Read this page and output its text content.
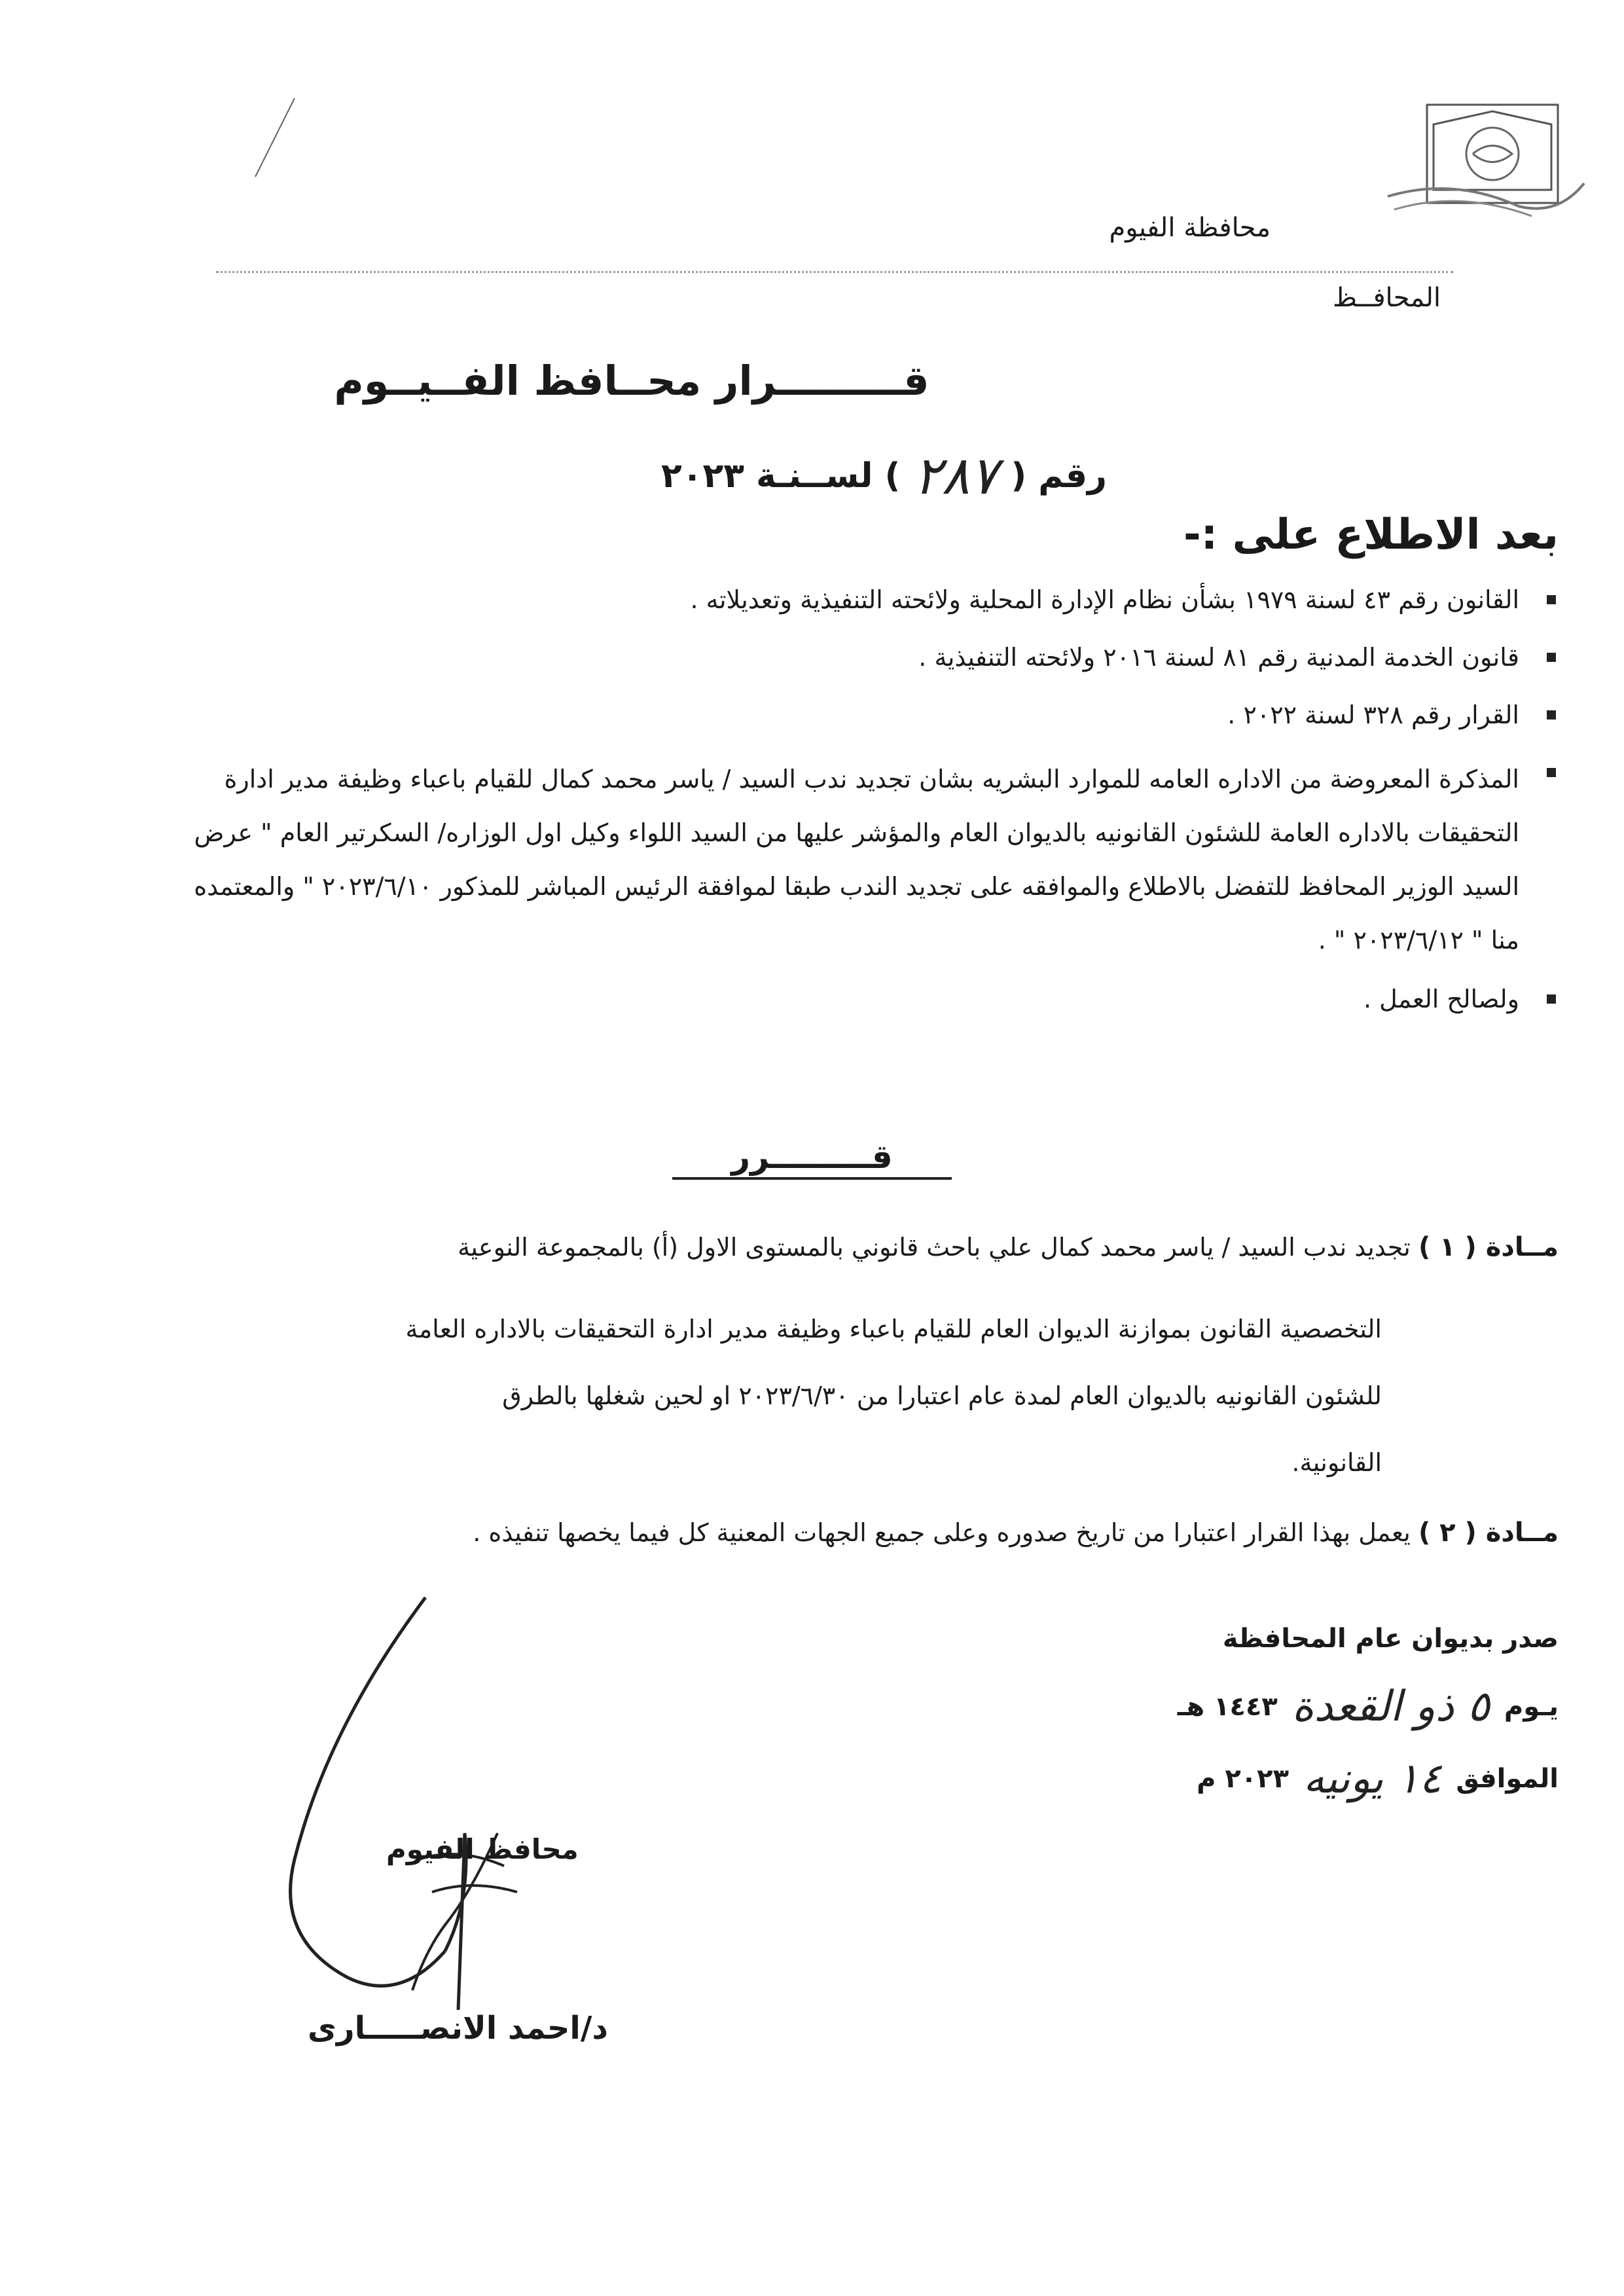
محافظة الفيوم
المحافــظ
قـــــــــرار محــافظ الفــيــوم
رقم (
٢٨٧
) لســنـة ٢٠٢٣
بعد الاطلاع على :-
القانون رقم ٤٣ لسنة ١٩٧٩ بشأن نظام الإدارة المحلية ولائحته التنفيذية وتعديلاته .
قانون الخدمة المدنية رقم ٨١ لسنة ٢٠١٦ ولائحته التنفيذية .
القرار رقم ٣٢٨ لسنة ٢٠٢٢ .
المذكرة المعروضة من الاداره العامه للموارد البشريه بشان تجديد ندب السيد / ياسر محمد كمال للقيام باعباء وظيفة مدير ادارة التحقيقات بالاداره العامة للشئون القانونيه بالديوان العام والمؤشر عليها من السيد اللواء وكيل اول الوزاره/ السكرتير العام " عرض السيد الوزير المحافظ للتفضل بالاطلاع والموافقه على تجديد الندب طبقا لموافقة الرئيس المباشر للمذكور ٢٠٢٣/٦/١٠ " والمعتمده منا " ٢٠٢٣/٦/١٢ " .
ولصالح العمل .
قـــــــــرر
مــادة ( ١ ) تجديد ندب السيد / ياسر محمد كمال علي باحث قانوني بالمستوى الاول (أ) بالمجموعة النوعية
التخصصية القانون بموازنة الديوان العام للقيام باعباء وظيفة مدير ادارة التحقيقات بالاداره العامة
للشئون القانونيه بالديوان العام لمدة عام اعتبارا من ٢٠٢٣/٦/٣٠ او لحين شغلها بالطرق
القانونية.
مــادة ( ٢ ) يعمل بهذا القرار اعتبارا من تاريخ صدوره وعلى جميع الجهات المعنية كل فيما يخصها تنفيذه .
صدر بديوان عام المحافظة
يـوم
٥ ذو القعدة
١٤٤٣ هـ
الموافق
١٤ يونيه
٢٠٢٣ م
محافظ الفيوم
د/احمد الانصـــــارى
